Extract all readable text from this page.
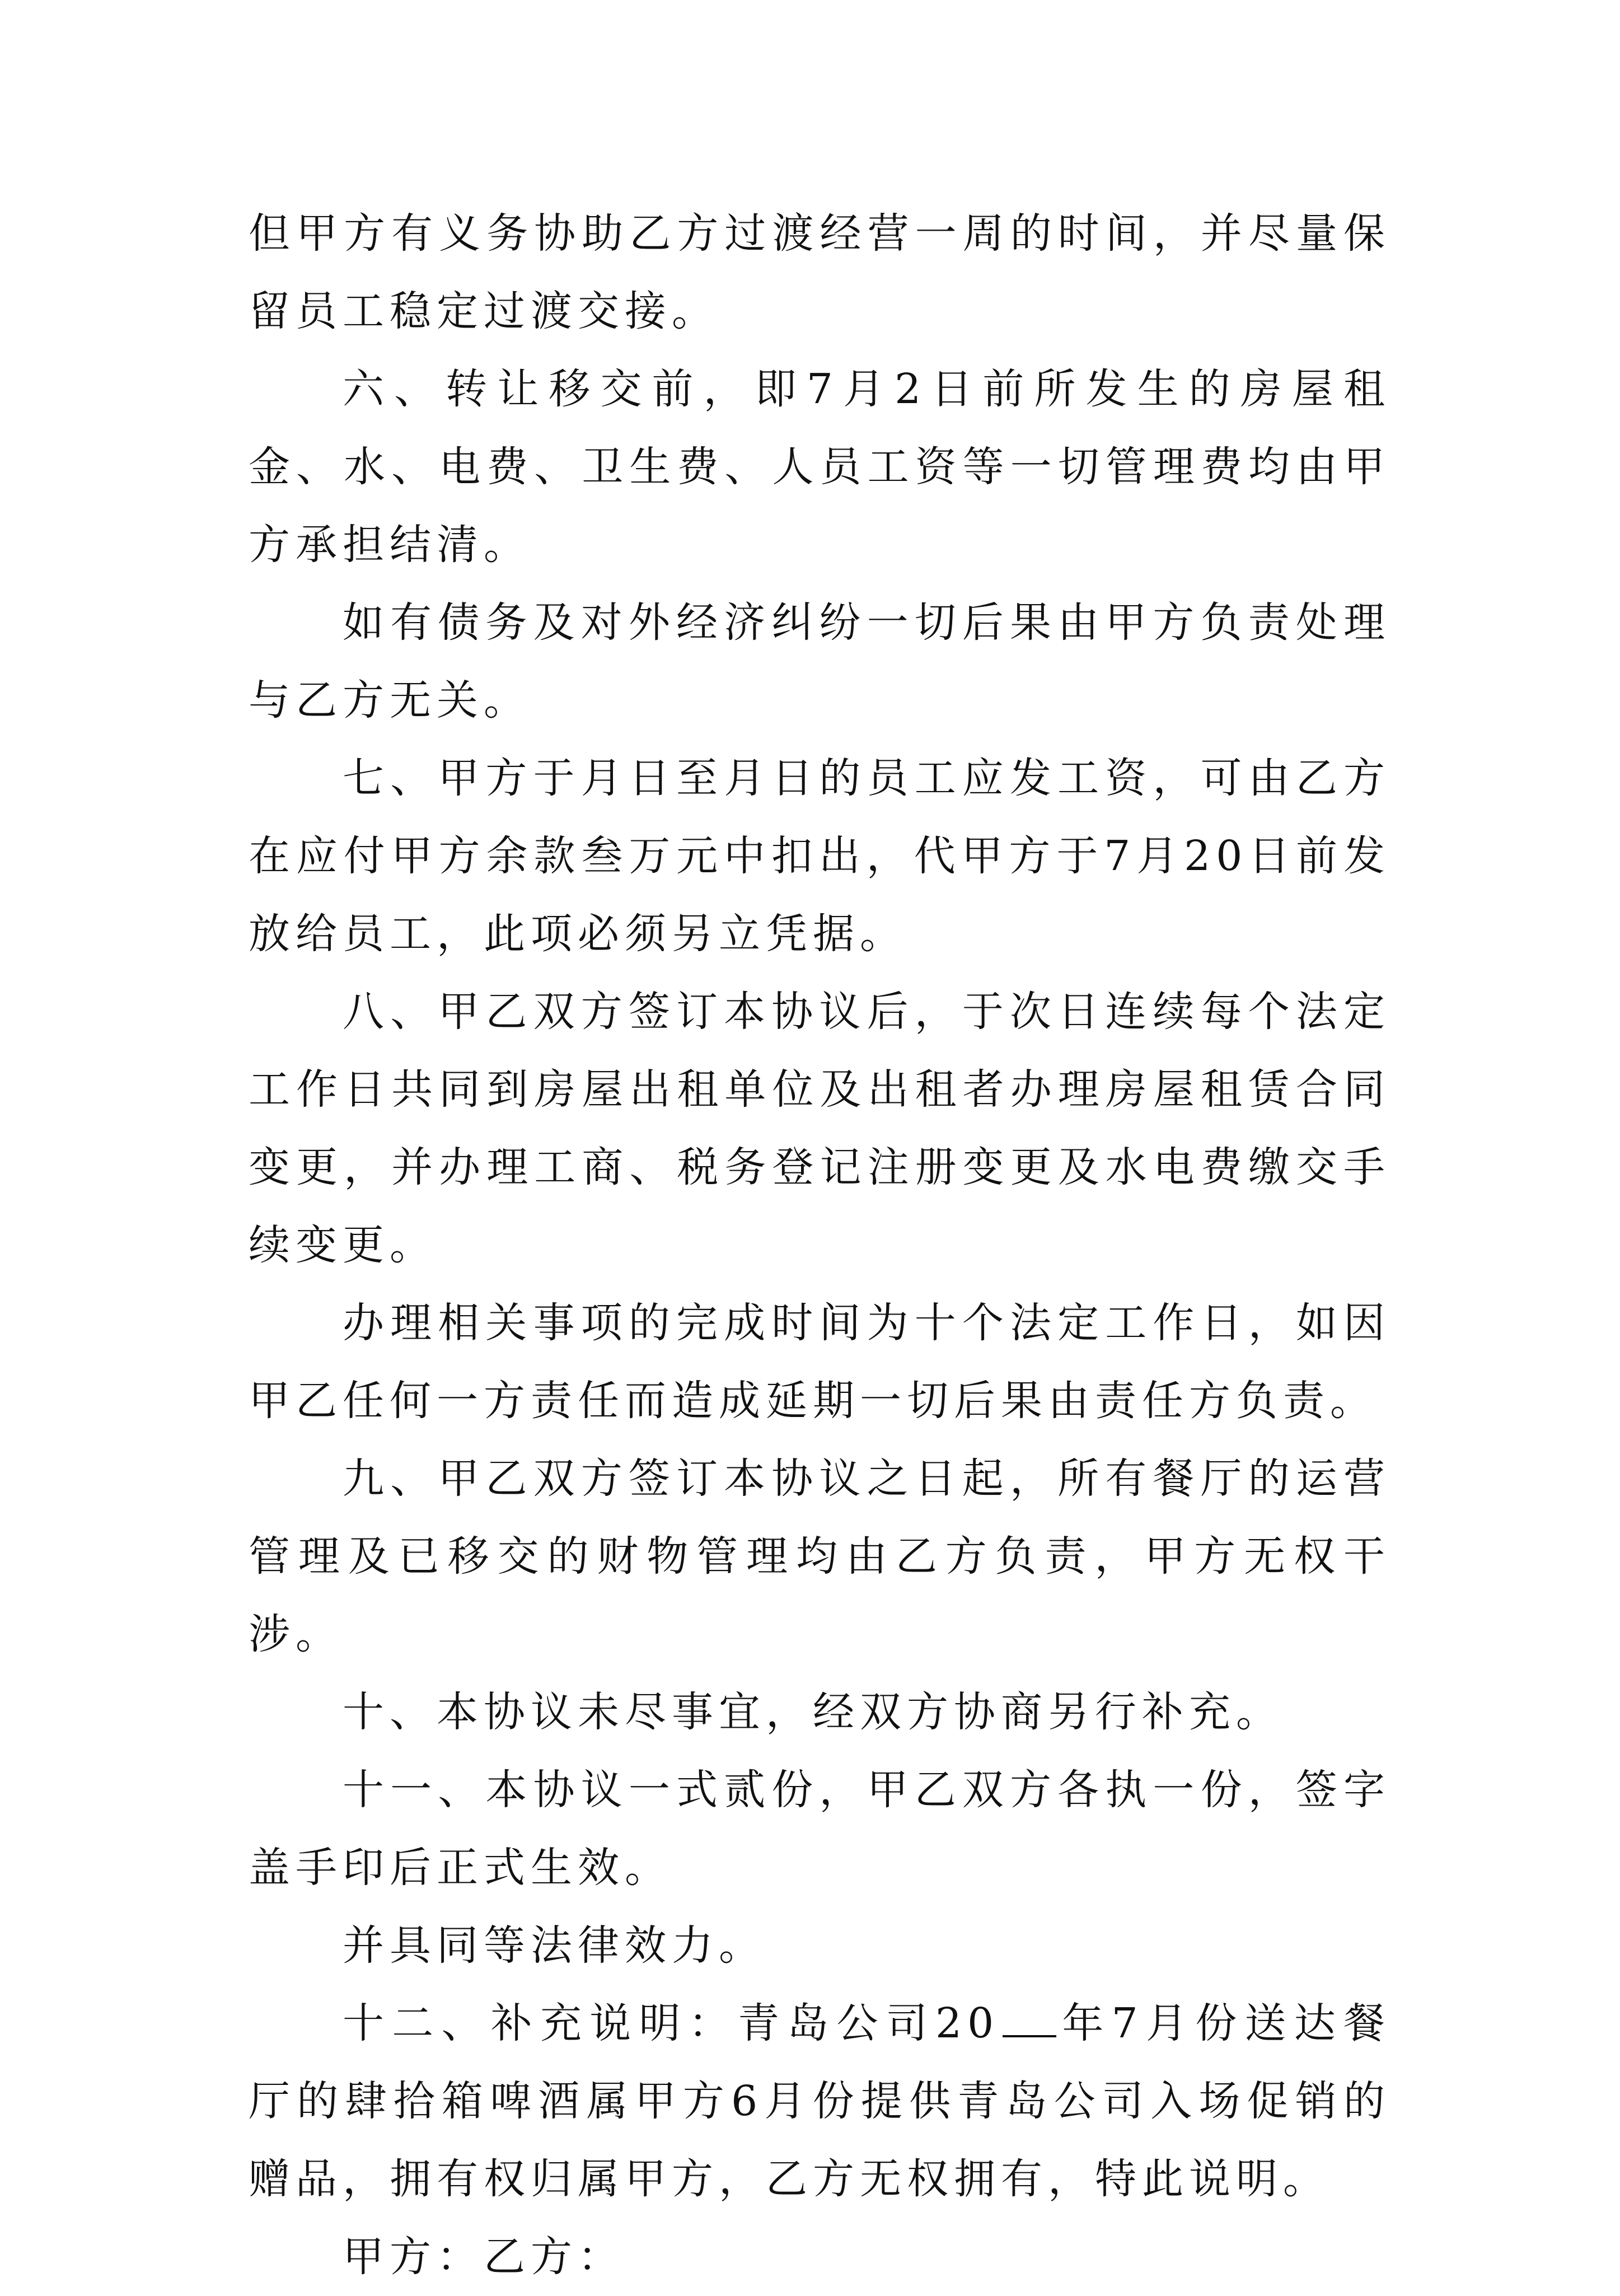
但甲方有义务协助乙方过渡经营一周的时间，并尽量保留员工稳定过渡交接。

六、转让移交前，即7月2日前所发生的房屋租金、水、电费、卫生费、人员工资等一切管理费均由甲方承担结清。

如有债务及对外经济纠纷一切后果由甲方负责处理与乙方无关。

七、甲方于月日至月日的员工应发工资，可由乙方在应付甲方余款叁万元中扣出，代甲方于7月20日前发放给员工，此项必须另立凭据。

八、甲乙双方签订本协议后，于次日连续每个法定工作日共同到房屋出租单位及出租者办理房屋租赁合同变更，并办理工商、税务登记注册变更及水电费缴交手续变更。

办理相关事项的完成时间为十个法定工作日，如因甲乙任何一方责任而造成延期一切后果由责任方负责。

九、甲乙双方签订本协议之日起，所有餐厅的运营管理及已移交的财物管理均由乙方负责，甲方无权干涉。

十、本协议未尽事宜，经双方协商另行补充。

十一、本协议一式贰份，甲乙双方各执一份，签字盖手印后正式生效。

并具同等法律效力。

十二、补充说明：青岛公司20 年7月份送达餐厅的肆拾箱啤酒属甲方6月份提供青岛公司入场促销的赠品，拥有权归属甲方，乙方无权拥有，特此说明。

甲方：乙方：
